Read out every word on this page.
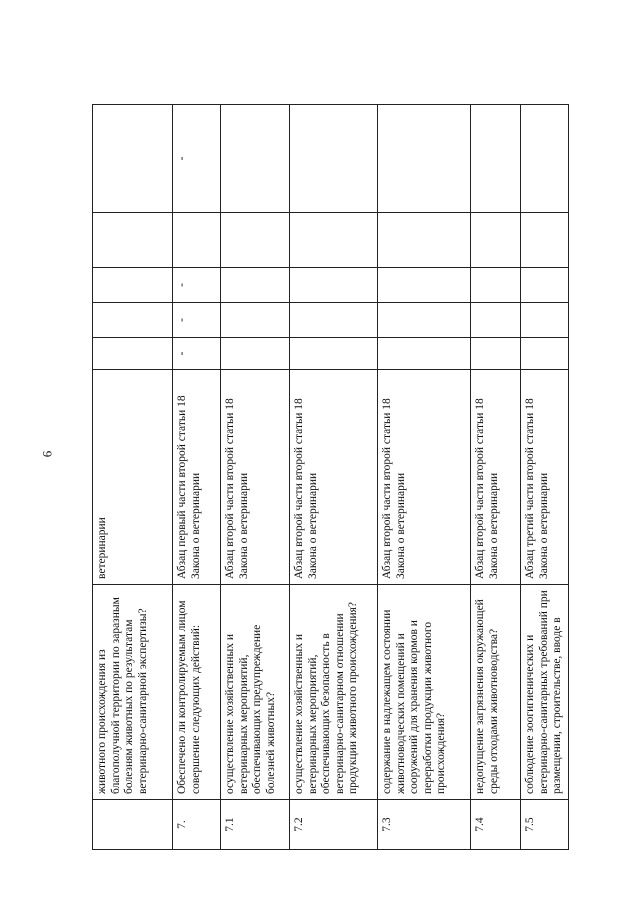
6
	животного происхождения из благополучной территории по заразным болезням животных по результатам ветеринарно-санитарной экспертизы?	ветеринарии					
7.	Обеспечено ли контролируемым лицом совершение следующих действий:	Абзац первый части второй статьи 18 Закона о ветеринарии	-	-	-		-
7.1	осуществление хозяйственных и ветеринарных мероприятий, обеспечивающих предупреждение болезней животных?	Абзац второй части второй статьи 18 Закона о ветеринарии					
7.2	осуществление хозяйственных и ветеринарных мероприятий, обеспечивающих безопасность в ветеринарно-санитарном отношении продукции животного происхождения?	Абзац второй части второй статьи 18 Закона о ветеринарии					
7.3	содержание в надлежащем состоянии животноводческих помещений и сооружений для хранения кормов и переработки продукции животного происхождения?	Абзац второй части второй статьи 18 Закона о ветеринарии					
7.4	недопущение загрязнения окружающей среды отходами животноводства?	Абзац второй части второй статьи 18 Закона о ветеринарии					
7.5	соблюдение зоогигиенических и ветеринарно-санитарных требований при размещении, строительстве, вводе в	Абзац третий части второй статьи 18 Закона о ветеринарии					
